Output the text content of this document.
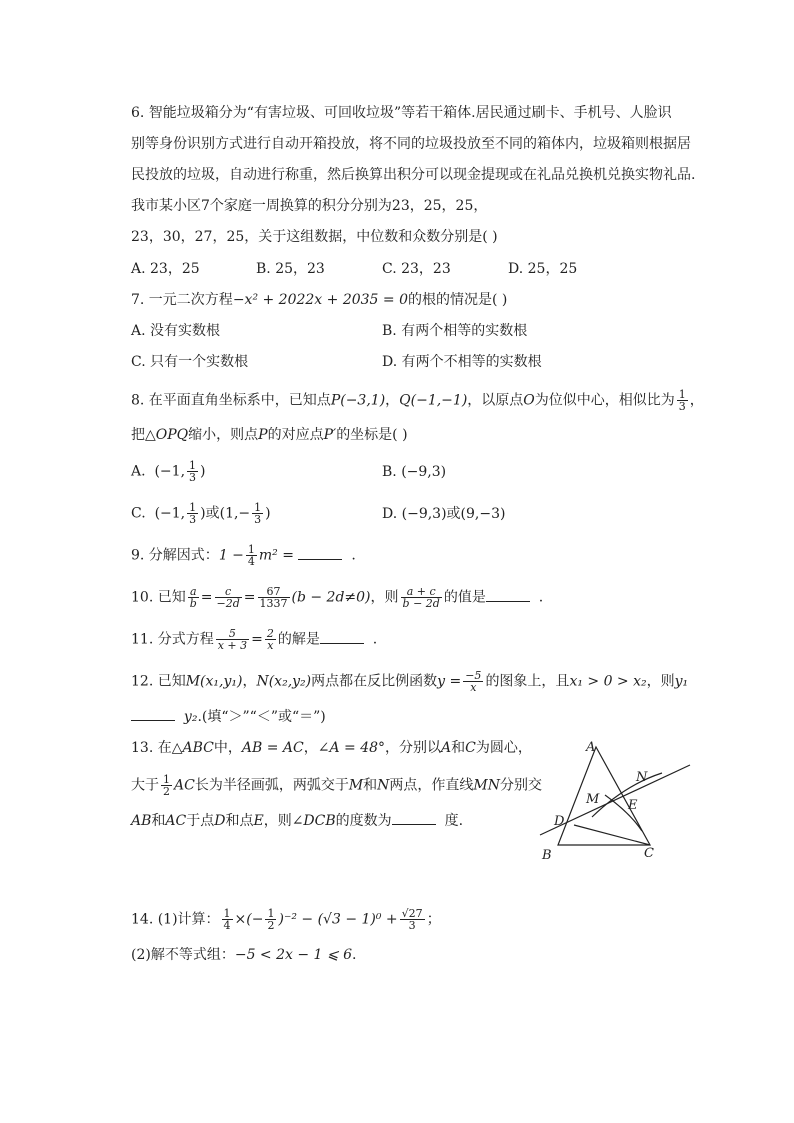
6. 智能垃圾箱分为“有害垃圾、可回收垃圾”等若干箱体.居民通过刷卡、手机号、人脸识
别等身份识别方式进行自动开箱投放，将不同的垃圾投放至不同的箱体内，垃圾箱则根据居
民投放的垃圾，自动进行称重，然后换算出积分可以现金提现或在礼品兑换机兑换实物礼品.
我市某小区7个家庭一周换算的积分分别为23，25，25，
23，30，27，25，关于这组数据，中位数和众数分别是( )
A. 23，25	B. 25，23	C. 23，23	D. 25，25
7. 一元二次方程−x² + 2022x + 2035 = 0的根的情况是( )
A. 没有实数根	B. 有两个相等的实数根
C. 只有一个实数根	D. 有两个不相等的实数根
8. 在平面直角坐标系中，已知点P(−3,1)，Q(−1,−1)，以原点O为位似中心，相似比为 $\frac{1}{3}$ ，
把△OPQ缩小，则点P的对应点P′的坐标是( )
A. (−1, $\frac{1}{3}$ )	B. (−9,3)
C. (−1, $\frac{1}{3}$ )或($1,- \frac{1}{3}$ )	D. (−9,3)或(9,−3)
9. 分解因式：$1 - \frac{1}{4} m^2$ =	.
10. 已知 $\frac{a}{b} = \frac{c}{-2d} = \frac{67}{1337} (b - 2d\ne 0)$，则 $\frac{a + c}{b - 2d}$ 的值是	.
11. 分式方程 $\frac{5}{x + 3} = \frac{2}{x}$ 的解是	.
12. 已知M(x₁,y₁)，N(x₂,y₂)两点都在反比例函数$y = \frac{-5}{x}$ 的图象上，且x₁ > 0 > x₂，则y₁
y₂.(填“＞”“＜”或“＝”)
13. 在△ABC中，AB = AC，∠A = 48°，分别以A和C为圆心，
大于 $\frac{1}{2}$ AC长为半径画弧，两弧交于M和N两点，作直线MN分别交
AB和AC于点D和点E，则∠DCB的度数为	度.
A
B	C
D
E
M
N
14. (1)计算： $\frac{1}{4}$ ×(− $\frac{1}{2} )^{-2} - (√3 - 1)^0 + \frac{√27}{3}$ ；
(2)解不等式组：−5 < 2x − 1 ⩽ 6.
